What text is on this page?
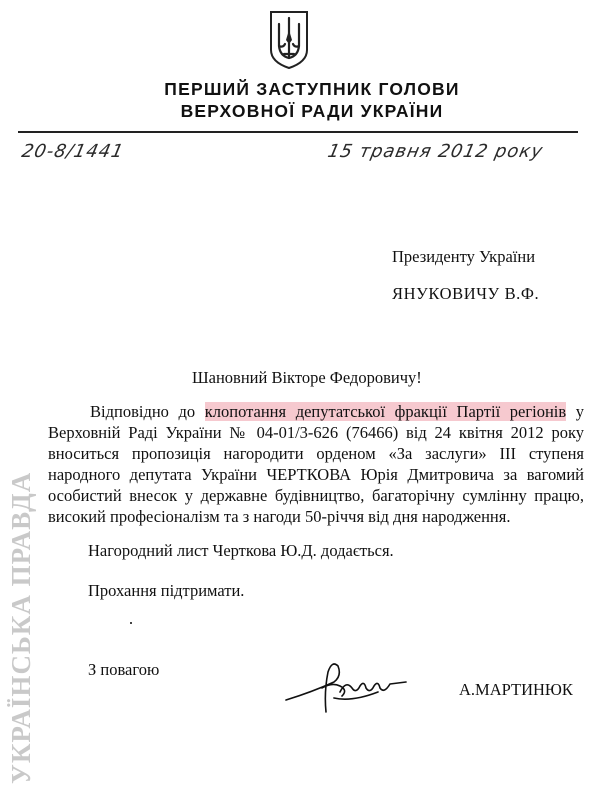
ПЕРШИЙ ЗАСТУПНИК ГОЛОВИ
ВЕРХОВНОЇ РАДИ УКРАЇНИ
20-8/1441	15 травня 2012 року
Президенту України
ЯНУКОВИЧУ В.Ф.
Шановний Вікторе Федоровичу!
Відповідно до клопотання депутатської фракції Партії регіонів у Верховній Раді України № 04-01/3-626 (76466) від 24 квітня 2012 року вноситься пропозиція нагородити орденом «За заслуги» ІІІ ступеня народного депутата України ЧЕРТКОВА Юрія Дмитровича за вагомий особистий внесок у державне будівництво, багаторічну сумлінну працю, високий професіоналізм та з нагоди 50-річчя від дня народження.
Нагородний лист Черткова Ю.Д. додається.
Прохання підтримати.
З повагою
А.МАРТИНЮК
УКРАЇНСЬКА ПРАВДА
